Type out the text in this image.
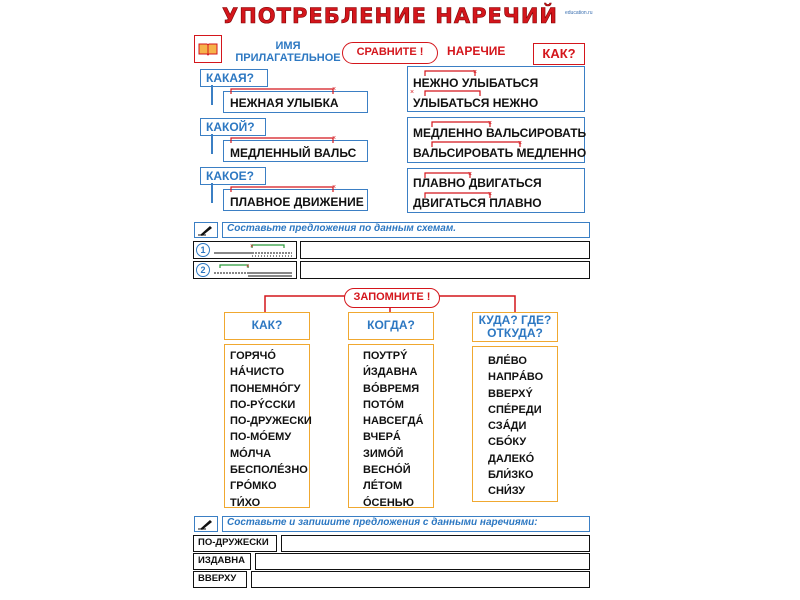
УПОТРЕБЛЕНИЕ НАРЕЧИЙ	education.ru
ИМЯ ПРИЛАГАТЕЛЬНОЕ	СРАВНИТЕ !	НАРЕЧИЕ	КАК?
КАКАЯ?
×
НЕЖНАЯ УЛЫБКА
КАКОЙ?
×
МЕДЛЕННЫЙ ВАЛЬС
КАКОЕ?
×
ПЛАВНОЕ ДВИЖЕНИЕ
×
×
НЕЖНО УЛЫБАТЬСЯ
УЛЫБАТЬСЯ НЕЖНО
×
×
МЕДЛЕННО ВАЛЬСИРОВАТЬ
ВАЛЬСИРОВАТЬ МЕДЛЕННО
×
×
ПЛАВНО ДВИГАТЬСЯ
ДВИГАТЬСЯ ПЛАВНО
Составьте предложения по данным схемам.
1	×
2	×
ЗАПОМНИТЕ !
КАК?	КОГДА?	КУДА? ГДЕ? ОТКУДА?
ГОРЯЧÓ
НÁЧИСТО
ПОНЕМНÓГУ
ПО-РÝССКИ
ПО-ДРУЖЕСКИ
ПО-МÓЕМУ
МÓЛЧА
БЕСПОЛÉЗНО
ГРÓМКО
ТИ́ХО
ПОУТРÝ
И́ЗДАВНА
ВÓВРЕМЯ
ПОТÓМ
НАВСЕГДÁ
ВЧЕРÁ
ЗИМÓЙ
ВЕСНÓЙ
ЛÉТОМ
ÓСЕНЬЮ
ВЛЕ́ВО
НАПРÁВО
ВВЕРХÝ
СПЕ́РЕДИ
СЗÁДИ
СБÓКУ
ДАЛЕКÓ
БЛИ́ЗКО
СНИ́ЗУ
Составьте и запишите предложения с данными наречиями:
ПО-ДРУЖЕСКИ
ИЗДАВНА
ВВЕРХУ
